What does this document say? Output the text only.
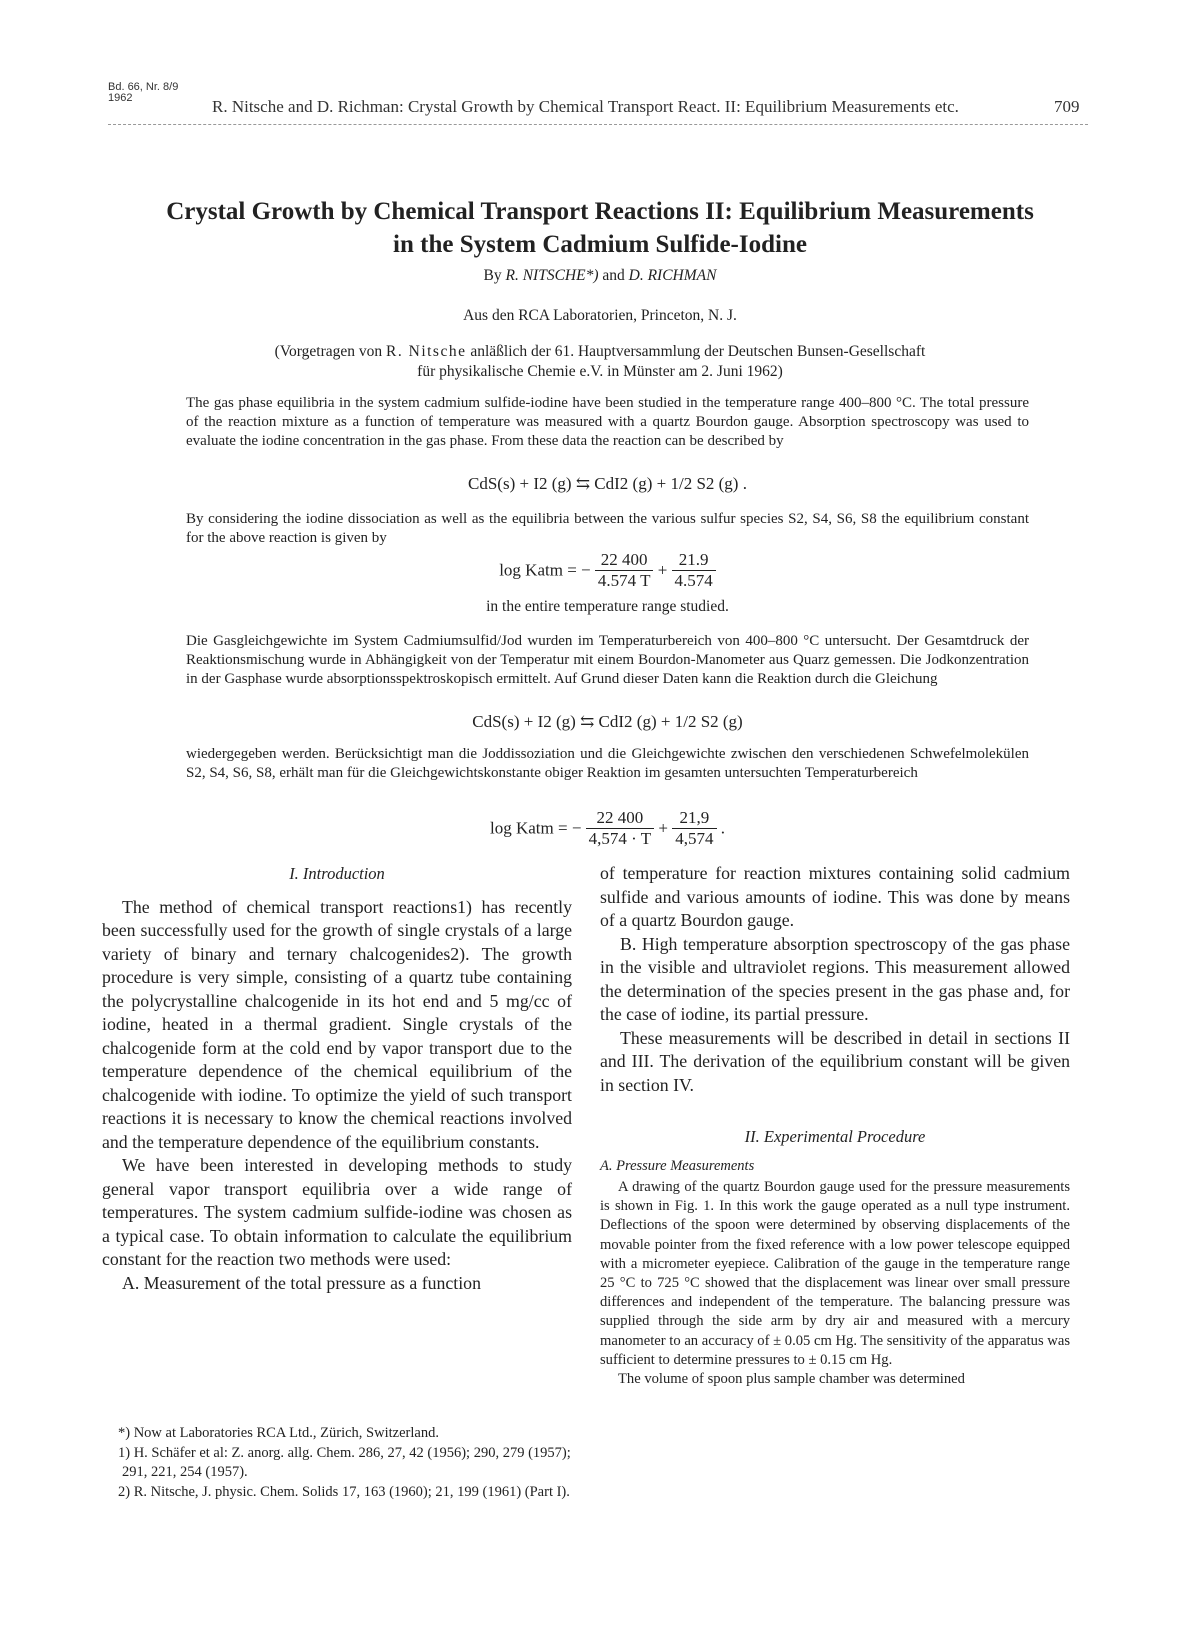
Bd. 66, Nr. 8/9
1962	R. Nitsche and D. Richman: Crystal Growth by Chemical Transport React. II: Equilibrium Measurements etc.	709
Crystal Growth by Chemical Transport Reactions II: Equilibrium Measurements
in the System Cadmium Sulfide-Iodine
By R. NITSCHE*) and D. RICHMAN
Aus den RCA Laboratorien, Princeton, N. J.
(Vorgetragen von R. Nitsche anläßlich der 61. Hauptversammlung der Deutschen Bunsen-Gesellschaft
für physikalische Chemie e.V. in Münster am 2. Juni 1962)
The gas phase equilibria in the system cadmium sulfide-iodine have been studied in the temperature range 400–800 °C. The total pressure of the reaction mixture as a function of temperature was measured with a quartz Bourdon gauge. Absorption spectroscopy was used to evaluate the iodine concentration in the gas phase. From these data the reaction can be described by
CdS(s) + I2 (g) ⇆ CdI2 (g) + 1/2 S2 (g) .
By considering the iodine dissociation as well as the equilibria between the various sulfur species S2, S4, S6, S8 the equilibrium constant for the above reaction is given by
log Katm = − $\frac{22 400}{4.574 T} + \frac{21.9}{4.574}$
in the entire temperature range studied.
Die Gasgleichgewichte im System Cadmiumsulfid/Jod wurden im Temperaturbereich von 400–800 °C untersucht. Der Gesamtdruck der Reaktionsmischung wurde in Abhängigkeit von der Temperatur mit einem Bourdon-Manometer aus Quarz gemessen. Die Jodkonzentration in der Gasphase wurde absorptionsspektroskopisch ermittelt. Auf Grund dieser Daten kann die Reaktion durch die Gleichung
CdS(s) + I2 (g) ⇆ CdI2 (g) + 1/2 S2 (g)
wiedergegeben werden. Berücksichtigt man die Joddissoziation und die Gleichgewichte zwischen den verschiedenen Schwefelmolekülen S2, S4, S6, S8, erhält man für die Gleichgewichtskonstante obiger Reaktion im gesamten untersuchten Temperaturbereich
log Katm = − $\frac{22 400}{4,574 \cdot T} + \frac{21,9}{4,574}$ .
I. Introduction

The method of chemical transport reactions1) has recently been successfully used for the growth of single crystals of a large variety of binary and ternary chalcogenides2). The growth procedure is very simple, consisting of a quartz tube containing the polycrystalline chalcogenide in its hot end and 5 mg/cc of iodine, heated in a thermal gradient. Single crystals of the chalcogenide form at the cold end by vapor transport due to the temperature dependence of the chemical equilibrium of the chalcogenide with iodine. To optimize the yield of such transport reactions it is necessary to know the chemical reactions involved and the temperature dependence of the equilibrium constants.

We have been interested in developing methods to study general vapor transport equilibria over a wide range of temperatures. The system cadmium sulfide-iodine was chosen as a typical case. To obtain information to calculate the equilibrium constant for the reaction two methods were used:

A. Measurement of the total pressure as a function

*) Now at Laboratories RCA Ltd., Zürich, Switzerland.

1) H. Schäfer et al: Z. anorg. allg. Chem. 286, 27, 42 (1956); 290, 279 (1957); 291, 221, 254 (1957).

2) R. Nitsche, J. physic. Chem. Solids 17, 163 (1960); 21, 199 (1961) (Part I).

of temperature for reaction mixtures containing solid cadmium sulfide and various amounts of iodine. This was done by means of a quartz Bourdon gauge.

B. High temperature absorption spectroscopy of the gas phase in the visible and ultraviolet regions. This measurement allowed the determination of the species present in the gas phase and, for the case of iodine, its partial pressure.

These measurements will be described in detail in sections II and III. The derivation of the equilibrium constant will be given in section IV.

II. Experimental Procedure
A. Pressure Measurements

A drawing of the quartz Bourdon gauge used for the pressure measurements is shown in Fig. 1. In this work the gauge operated as a null type instrument. Deflections of the spoon were determined by observing displacements of the movable pointer from the fixed reference with a low power telescope equipped with a micrometer eyepiece. Calibration of the gauge in the temperature range 25 °C to 725 °C showed that the displacement was linear over small pressure differences and independent of the temperature. The balancing pressure was supplied through the side arm by dry air and measured with a mercury manometer to an accuracy of ± 0.05 cm Hg. The sensitivity of the apparatus was sufficient to determine pressures to ± 0.15 cm Hg.

The volume of spoon plus sample chamber was determined
